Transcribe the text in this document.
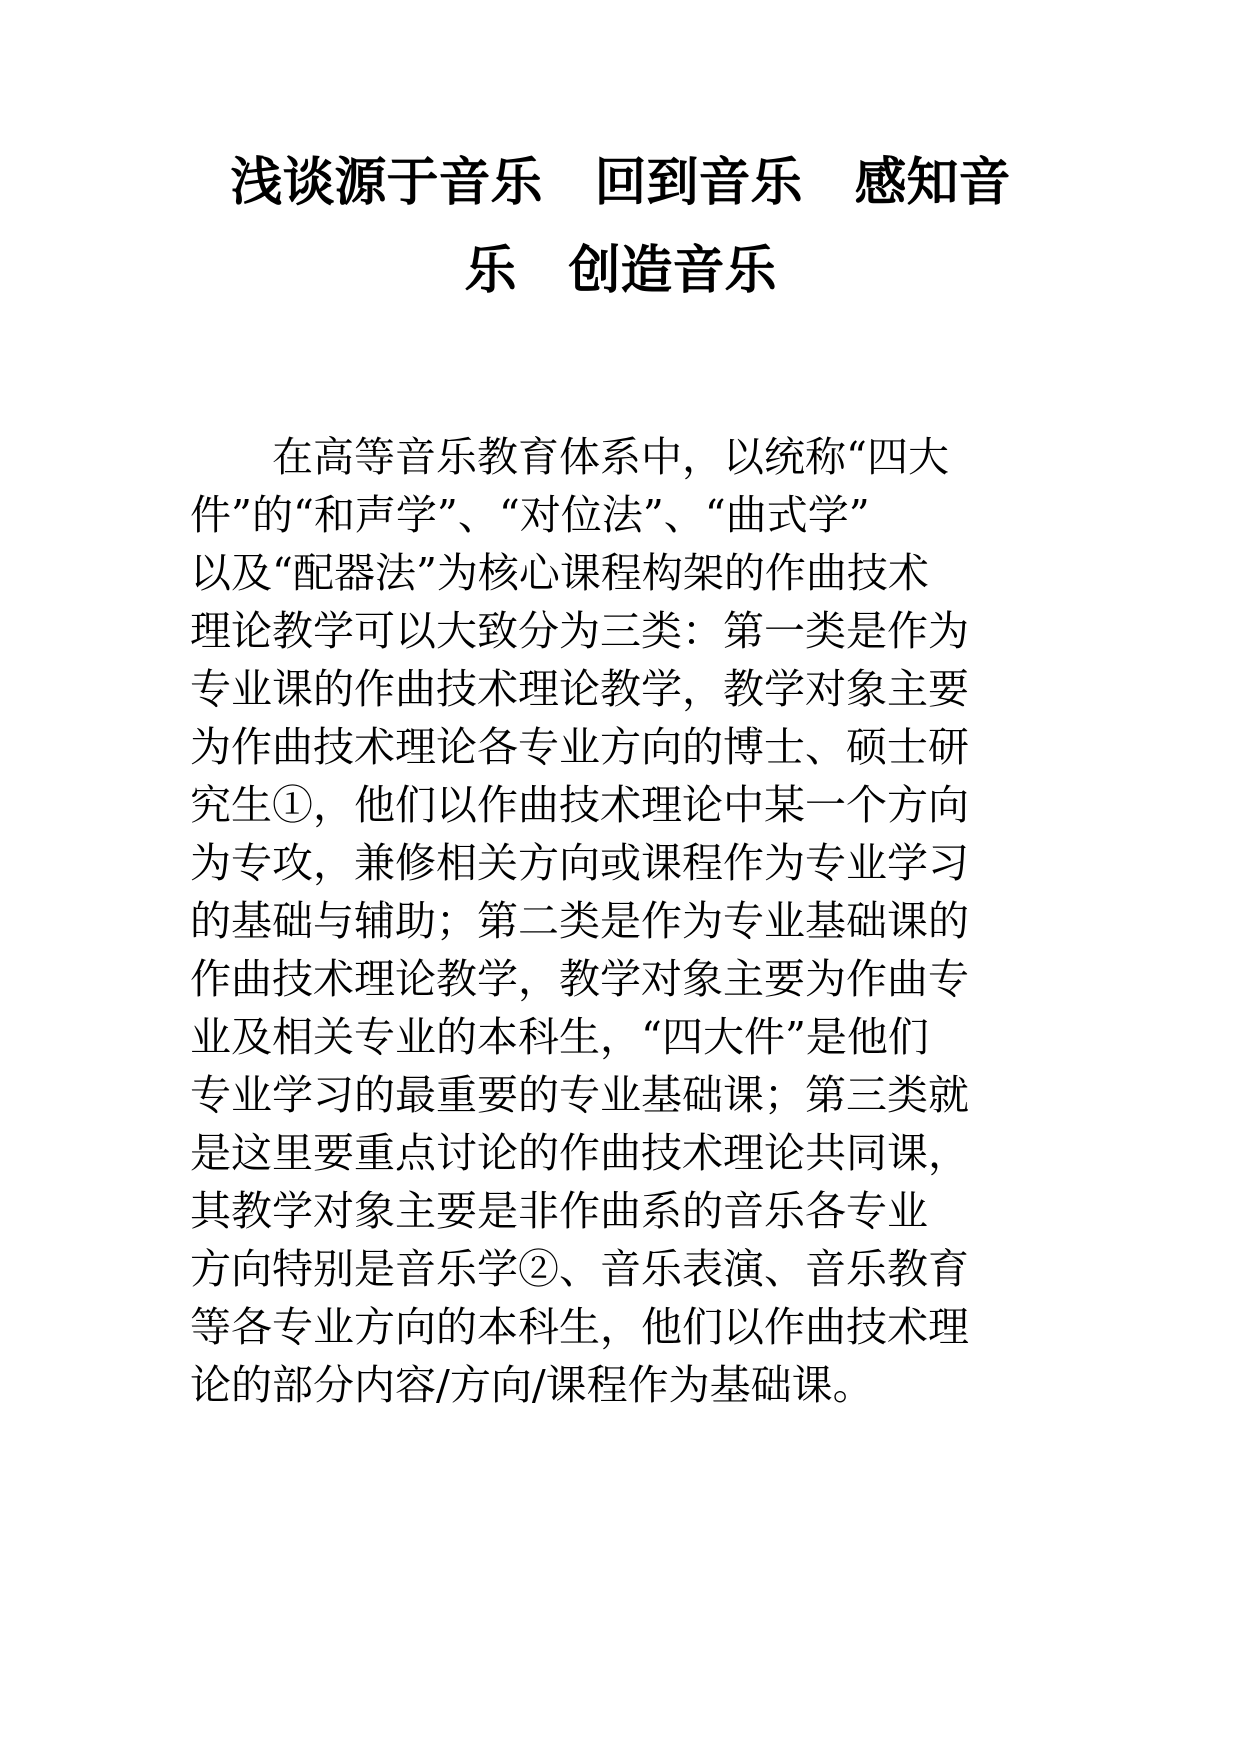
浅谈源于音乐　回到音乐　感知音
乐　创造音乐
　　在高等音乐教育体系中，以统称“四大
件”的“和声学”、“对位法”、“曲式学”
以及“配器法”为核心课程构架的作曲技术
理论教学可以大致分为三类：第一类是作为
专业课的作曲技术理论教学，教学对象主要
为作曲技术理论各专业方向的博士、硕士研
究生①，他们以作曲技术理论中某一个方向
为专攻，兼修相关方向或课程作为专业学习
的基础与辅助；第二类是作为专业基础课的
作曲技术理论教学，教学对象主要为作曲专
业及相关专业的本科生，“四大件”是他们
专业学习的最重要的专业基础课；第三类就
是这里要重点讨论的作曲技术理论共同课，
其教学对象主要是非作曲系的音乐各专业
方向特别是音乐学②、音乐表演、音乐教育
等各专业方向的本科生，他们以作曲技术理
论的部分内容/方向/课程作为基础课。
